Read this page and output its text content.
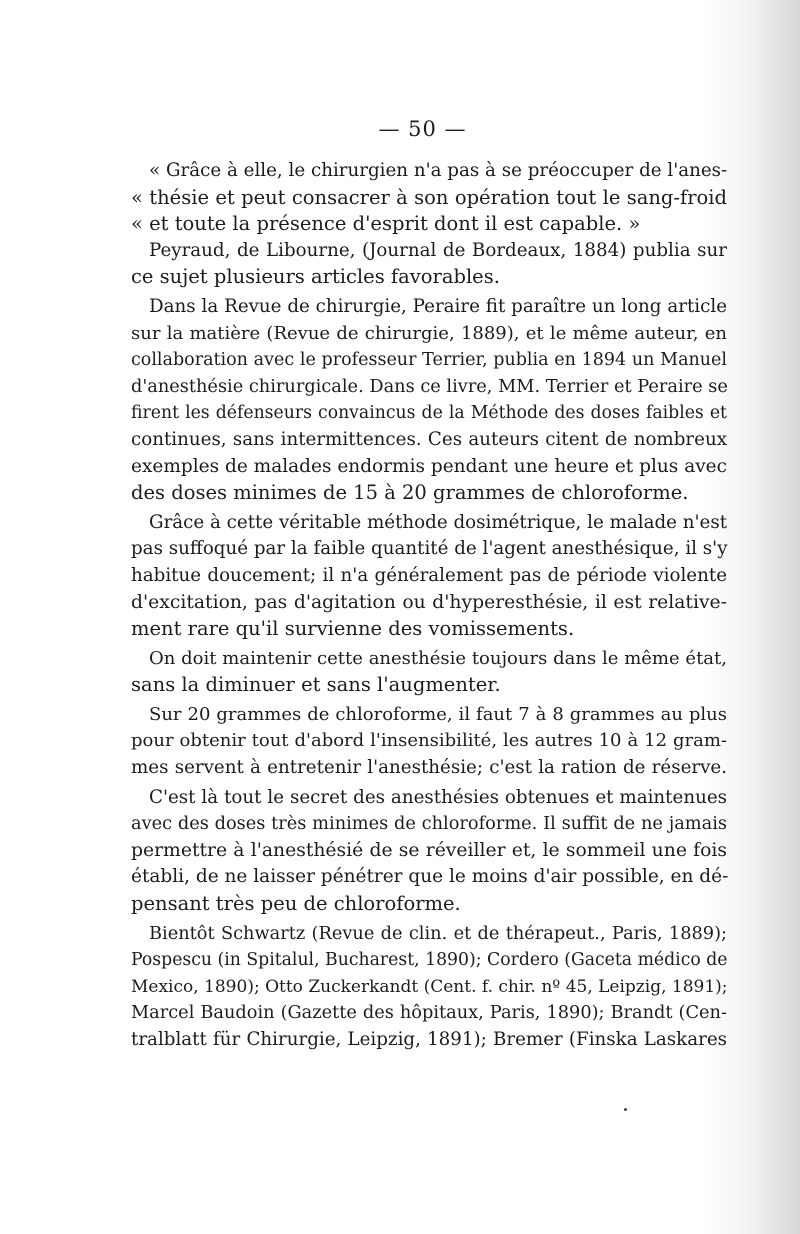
— 50 —
« Grâce à elle, le chirurgien n'a pas à se préoccuper de l'anes-
« thésie et peut consacrer à son opération tout le sang-froid
« et toute la présence d'esprit dont il est capable. »
Peyraud, de Libourne, (Journal de Bordeaux, 1884) publia sur
ce sujet plusieurs articles favorables.
Dans la Revue de chirurgie, Peraire fit paraître un long article
sur la matière (Revue de chirurgie, 1889), et le même auteur, en
collaboration avec le professeur Terrier, publia en 1894 un Manuel
d'anesthésie chirurgicale. Dans ce livre, MM. Terrier et Peraire se
firent les défenseurs convaincus de la Méthode des doses faibles et
continues, sans intermittences. Ces auteurs citent de nombreux
exemples de malades endormis pendant une heure et plus avec
des doses minimes de 15 à 20 grammes de chloroforme.
Grâce à cette véritable méthode dosimétrique, le malade n'est
pas suffoqué par la faible quantité de l'agent anesthésique, il s'y
habitue doucement; il n'a généralement pas de période violente
d'excitation, pas d'agitation ou d'hyperesthésie, il est relative-
ment rare qu'il survienne des vomissements.
On doit maintenir cette anesthésie toujours dans le même état,
sans la diminuer et sans l'augmenter.
Sur 20 grammes de chloroforme, il faut 7 à 8 grammes au plus
pour obtenir tout d'abord l'insensibilité, les autres 10 à 12 gram-
mes servent à entretenir l'anesthésie; c'est la ration de réserve.
C'est là tout le secret des anesthésies obtenues et maintenues
avec des doses très minimes de chloroforme. Il suffit de ne jamais
permettre à l'anesthésié de se réveiller et, le sommeil une fois
établi, de ne laisser pénétrer que le moins d'air possible, en dé-
pensant très peu de chloroforme.
Bientôt Schwartz (Revue de clin. et de thérapeut., Paris, 1889);
Pospescu (in Spitalul, Bucharest, 1890); Cordero (Gaceta médico de
Mexico, 1890); Otto Zuckerkandt (Cent. f. chir. nº 45, Leipzig, 1891);
Marcel Baudoin (Gazette des hôpitaux, Paris, 1890); Brandt (Cen-
tralblatt für Chirurgie, Leipzig, 1891); Bremer (Finska Laskares
